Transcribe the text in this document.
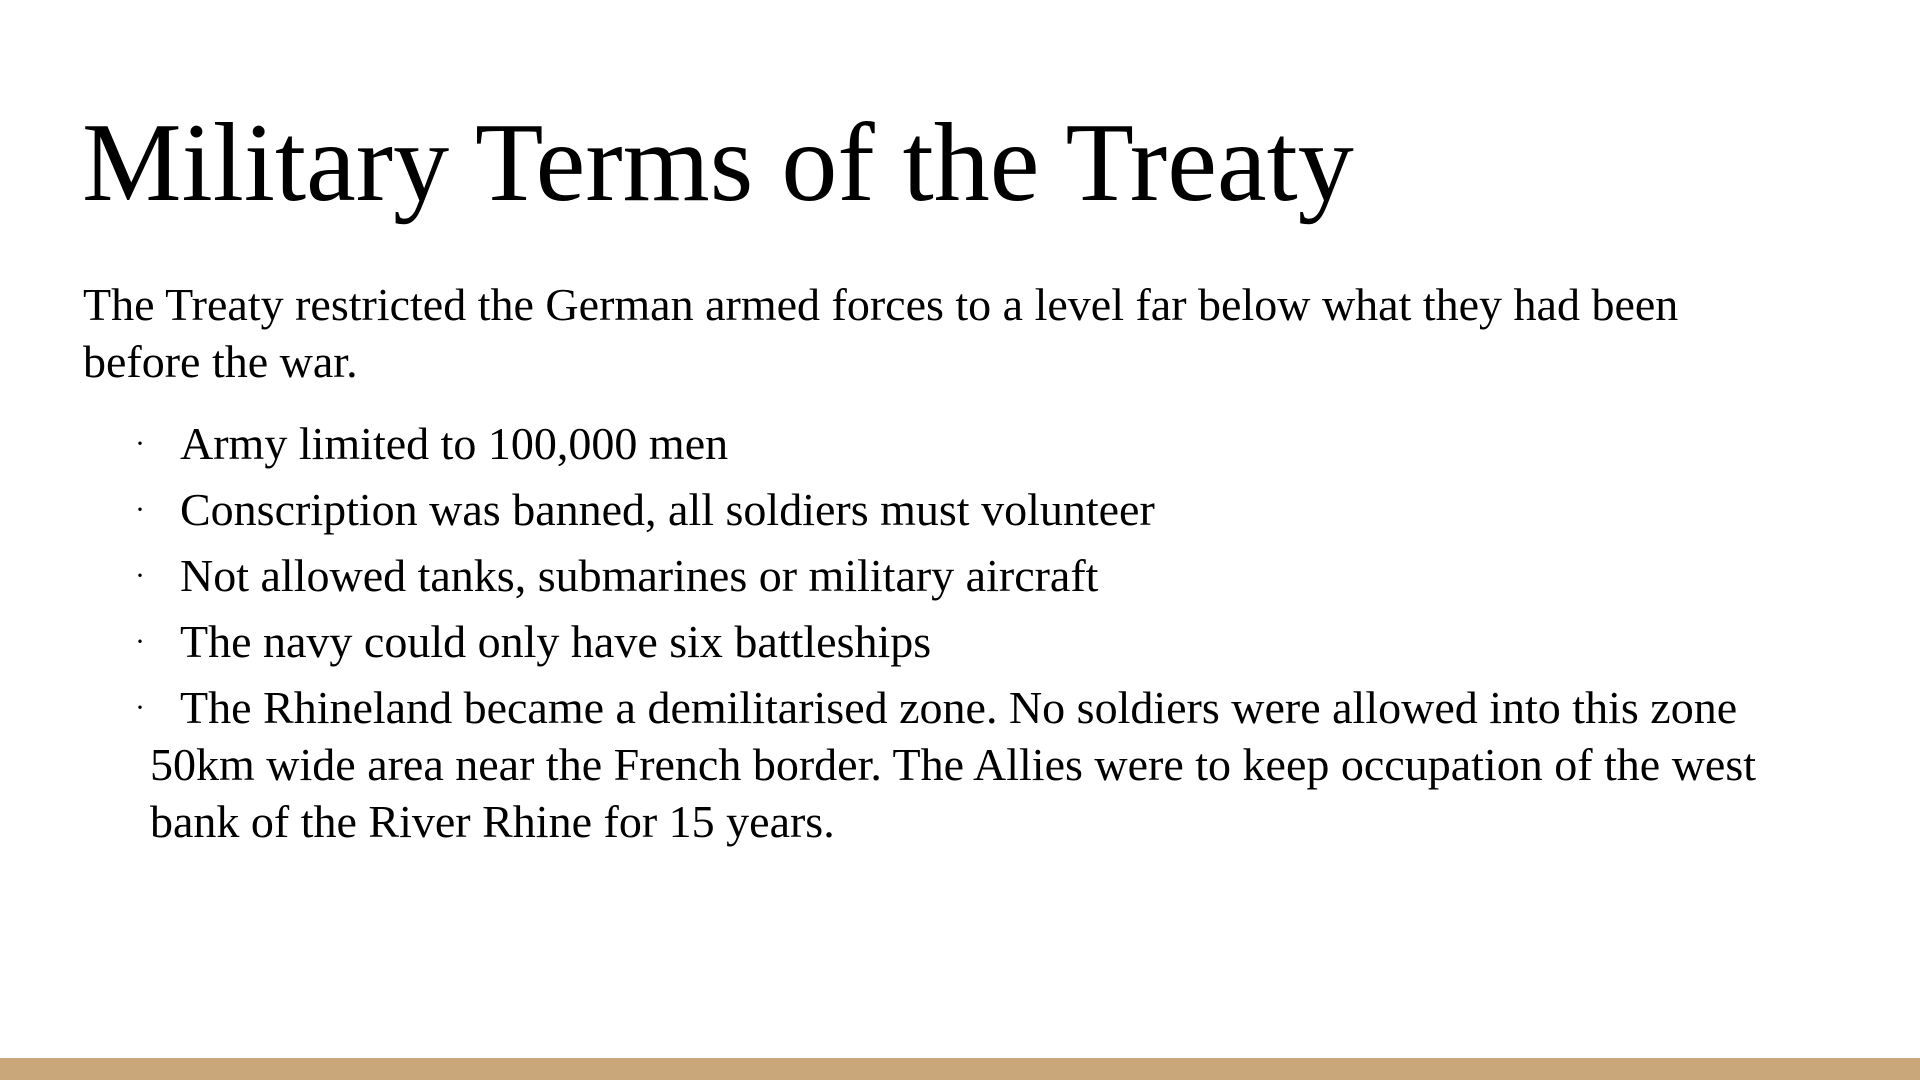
Military Terms of the Treaty

The Treaty restricted the German armed forces to a level far below what they had been before the war.

· Army limited to 100,000 men
· Conscription was banned, all soldiers must volunteer
· Not allowed tanks, submarines or military aircraft
· The navy could only have six battleships
· The Rhineland became a demilitarised zone. No soldiers were allowed into this zone 50km wide area near the French border. The Allies were to keep occupation of the west bank of the River Rhine for 15 years.
